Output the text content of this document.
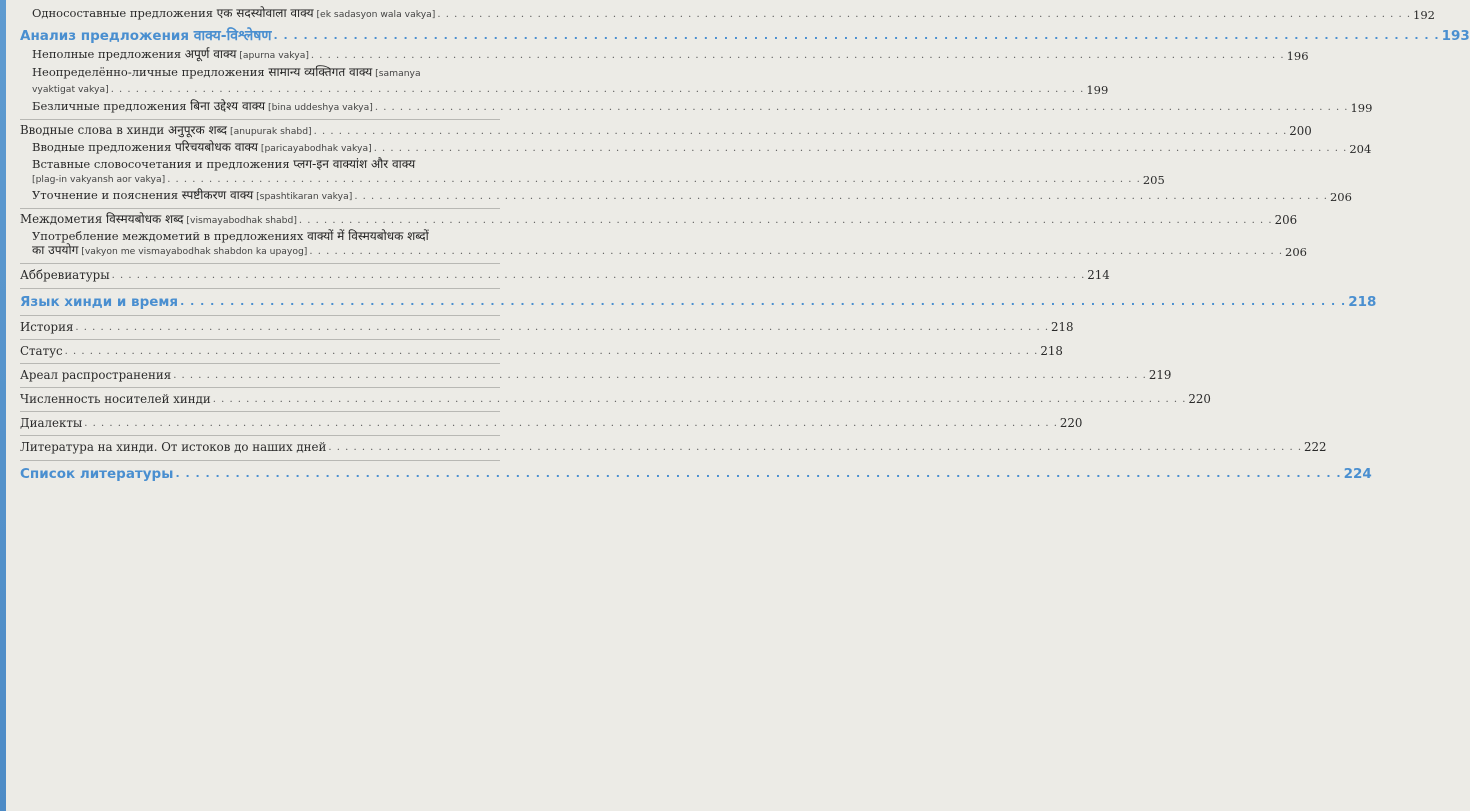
Односоставные предложения एक सदस्योवाला वाक्य [ek sadasyon wala vakya] . . .	192
Анализ предложения वाक्य-विश्लेषण . . .	193
Неполные предложения अपूर्ण वाक्य [apurna vakya] . . .	196
Неопределённо-личные предложения सामान्य व्यक्तिगत वाक्य [samanya
vyaktigat vakya] . . .	199
Безличные предложения बिना उद्देश्य वाक्य [bina uddeshya vakya] . . .	199
Вводные слова в хинди अनुपूरक शब्द [anupurak shabd] . . .	200
Вводные предложения परिचयबोधक वाक्य [paricayabodhak vakya] . . .	204
Вставные словосочетания и предложения प्लग-इन वाक्यांश और वाक्य
[plag-in vakyansh aor vakya] . . .	205
Уточнение и пояснения स्पष्टीकरण वाक्य [spashtikaran vakya] . . .	206
Междометия विस्मयबोधक शब्द [vismayabodhak shabd] . . .	206
Употребление междометий в предложениях वाक्यों में विस्मयबोधक शब्दों
का उपयोग [vakyon me vismayabodhak shabdon ka upayog] . . .	206
Аббревиатуры . . .	214
Язык хинди и время . . .	218
История . . .	218
Статус . . .	218
Ареал распространения . . .	219
Численность носителей хинди . . .	220
Диалекты . . .	220
Литература на хинди. От истоков до наших дней . . .	222
Список литературы . . .	224
